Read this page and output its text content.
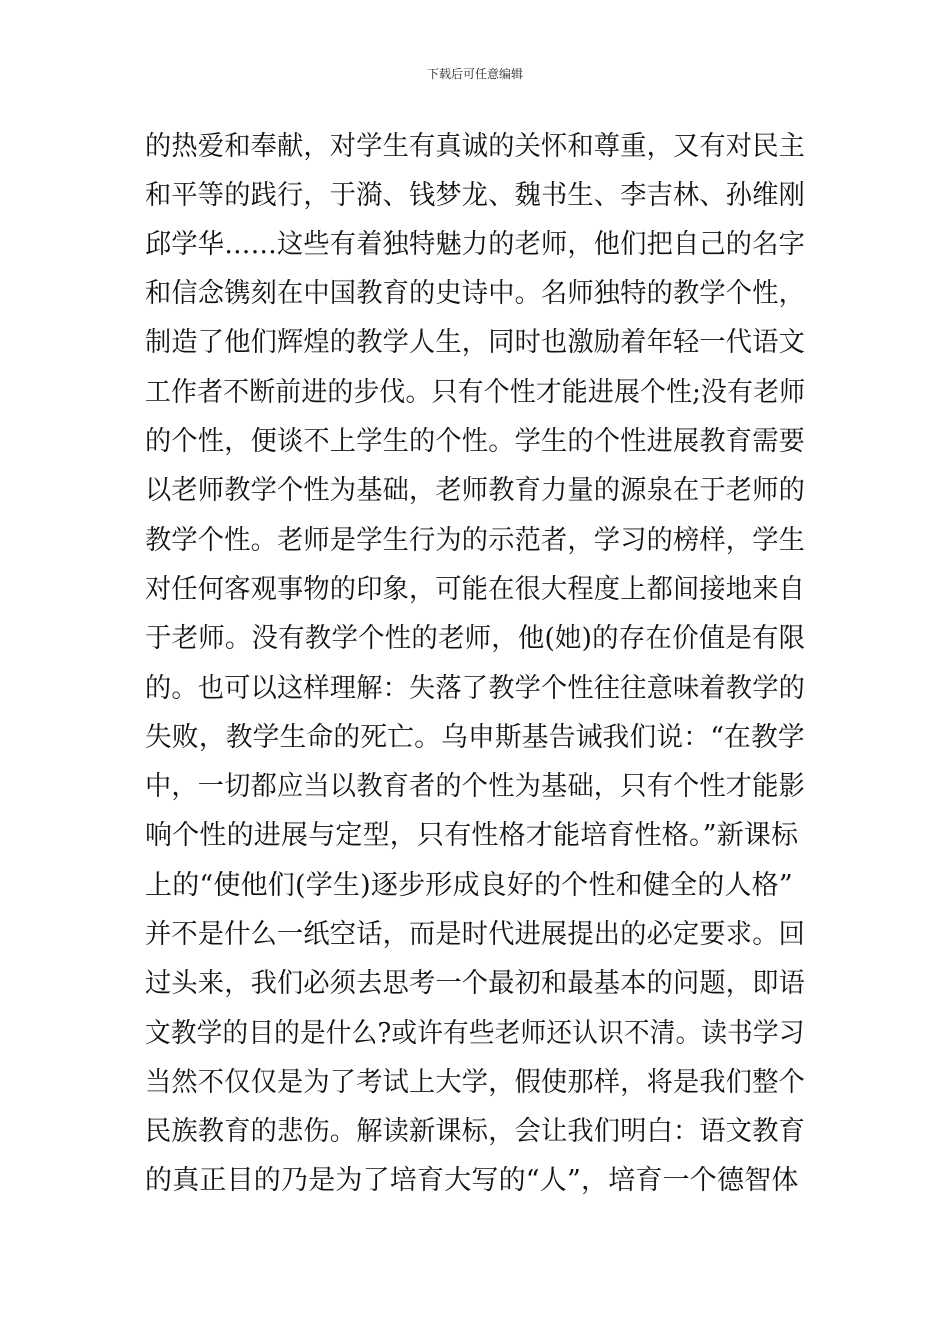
下载后可任意编辑
的热爱和奉献，对学生有真诚的关怀和尊重，又有对民主
和平等的践行，于漪、钱梦龙、魏书生、李吉林、孙维刚
邱学华……这些有着独特魅力的老师，他们把自己的名字
和信念镌刻在中国教育的史诗中。名师独特的教学个性，
制造了他们辉煌的教学人生，同时也激励着年轻一代语文
工作者不断前进的步伐。只有个性才能进展个性;没有老师
的个性，便谈不上学生的个性。学生的个性进展教育需要
以老师教学个性为基础，老师教育力量的源泉在于老师的
教学个性。老师是学生行为的示范者，学习的榜样，学生
对任何客观事物的印象，可能在很大程度上都间接地来自
于老师。没有教学个性的老师，他(她)的存在价值是有限
的。也可以这样理解：失落了教学个性往往意味着教学的
失败，教学生命的死亡。乌申斯基告诫我们说：“在教学
中，一切都应当以教育者的个性为基础，只有个性才能影
响个性的进展与定型，只有性格才能培育性格。”新课标
上的“使他们(学生)逐步形成良好的个性和健全的人格”
并不是什么一纸空话，而是时代进展提出的必定要求。回
过头来，我们必须去思考一个最初和最基本的问题，即语
文教学的目的是什么?或许有些老师还认识不清。读书学习
当然不仅仅是为了考试上大学，假使那样，将是我们整个
民族教育的悲伤。解读新课标，会让我们明白：语文教育
的真正目的乃是为了培育大写的“人”，培育一个德智体
